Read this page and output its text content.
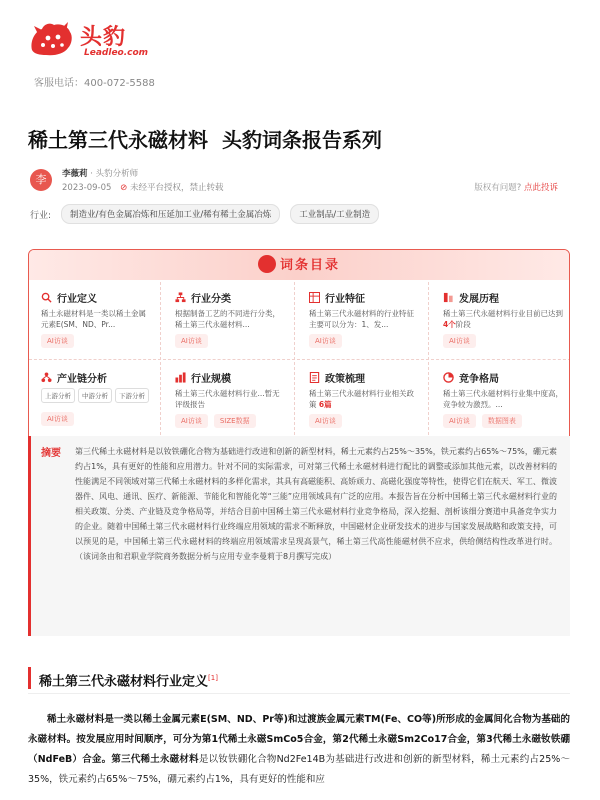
头豹
Leadleo.com
客服电话：400-072-5588
稀土第三代永磁材料 头豹词条报告系列
李	李薇莉 · 头豹分析师
2023-09-05 ⊘ 未经平台授权，禁止转载	版权有问题? 点此投诉
行业:	制造业/有色金属冶炼和压延加工业/稀有稀土金属冶炼	工业制品/工业制造
词条目录
行业定义
稀土永磁材料是一类以稀土金属元素E(SM、ND、Pr...
AI访谈
行业分类
根据制备工艺的不同进行分类，稀土第三代永磁材料...
AI访谈
行业特征
稀土第三代永磁材料的行业特征主要可以分为：1、发...
AI访谈
发展历程
稀土第三代永磁材料行业目前已达到 4个阶段
AI访谈
产业链分析
上游分析	中游分析	下游分析
AI访谈
行业规模
稀土第三代永磁材料行业...暂无评级报告
AI访谈	SIZE数据
政策梳理
稀土第三代永磁材料行业相关政策 6篇
AI访谈
竞争格局
稀土第三代永磁材料行业集中度高，竞争较为激烈。...
AI访谈	数据图表
摘要 第三代稀土永磁材料是以钕铁硼化合物为基础进行改进和创新的新型材料，稀土元素约占25%～35%，铁元素约占65%～75%，硼元素约占1%，具有更好的性能和应用潜力。针对不同的实际需求，可对第三代稀土永磁材料进行配比的调整或添加其他元素，以改善材料的性能满足不同领域对第三代稀土永磁材料的多样化需求，其具有高磁能积、高矫顽力、高磁化强度等特性，使得它们在航天、军工、微波器件、风电、通讯、医疗、新能源、节能化和智能化等“三能”应用领域具有广泛的应用。本报告旨在分析中国稀土第三代永磁材料行业的相关政策、分类、产业链及竞争格局等，并结合目前中国稀土第三代永磁材料行业竞争格局，深入挖掘、剖析该细分赛道中具备竞争实力的企业。随着中国稀土第三代永磁材料行业终端应用领域的需求不断释放，中国磁材企业研发技术的进步与国家发展战略和政策支持，可以预见的是，中国稀土第三代永磁材料的终端应用领域需求呈现高景气，稀土第三代高性能磁材供不应求，供给侧结构性改革进行时。（该词条由和君职业学院商务数据分析与应用专业李曼莉于8月撰写完成）
稀土第三代永磁材料行业定义[1]
稀土永磁材料是一类以稀土金属元素E(SM、ND、Pr等)和过渡族金属元素TM(Fe、CO等)所形成的金属间化合物为基础的永磁材料。按发展应用时间顺序，可分为第1代稀土永磁SmCo5合金，第2代稀土永磁Sm2Co17合金，第3代稀土永磁钕铁硼（NdFeB）合金。第三代稀土永磁材料是以钕铁硼化合物Nd2Fe14B为基础进行改进和创新的新型材料，稀土元素约占25%～35%，铁元素约占65%～75%，硼元素约占1%，具有更好的性能和应
